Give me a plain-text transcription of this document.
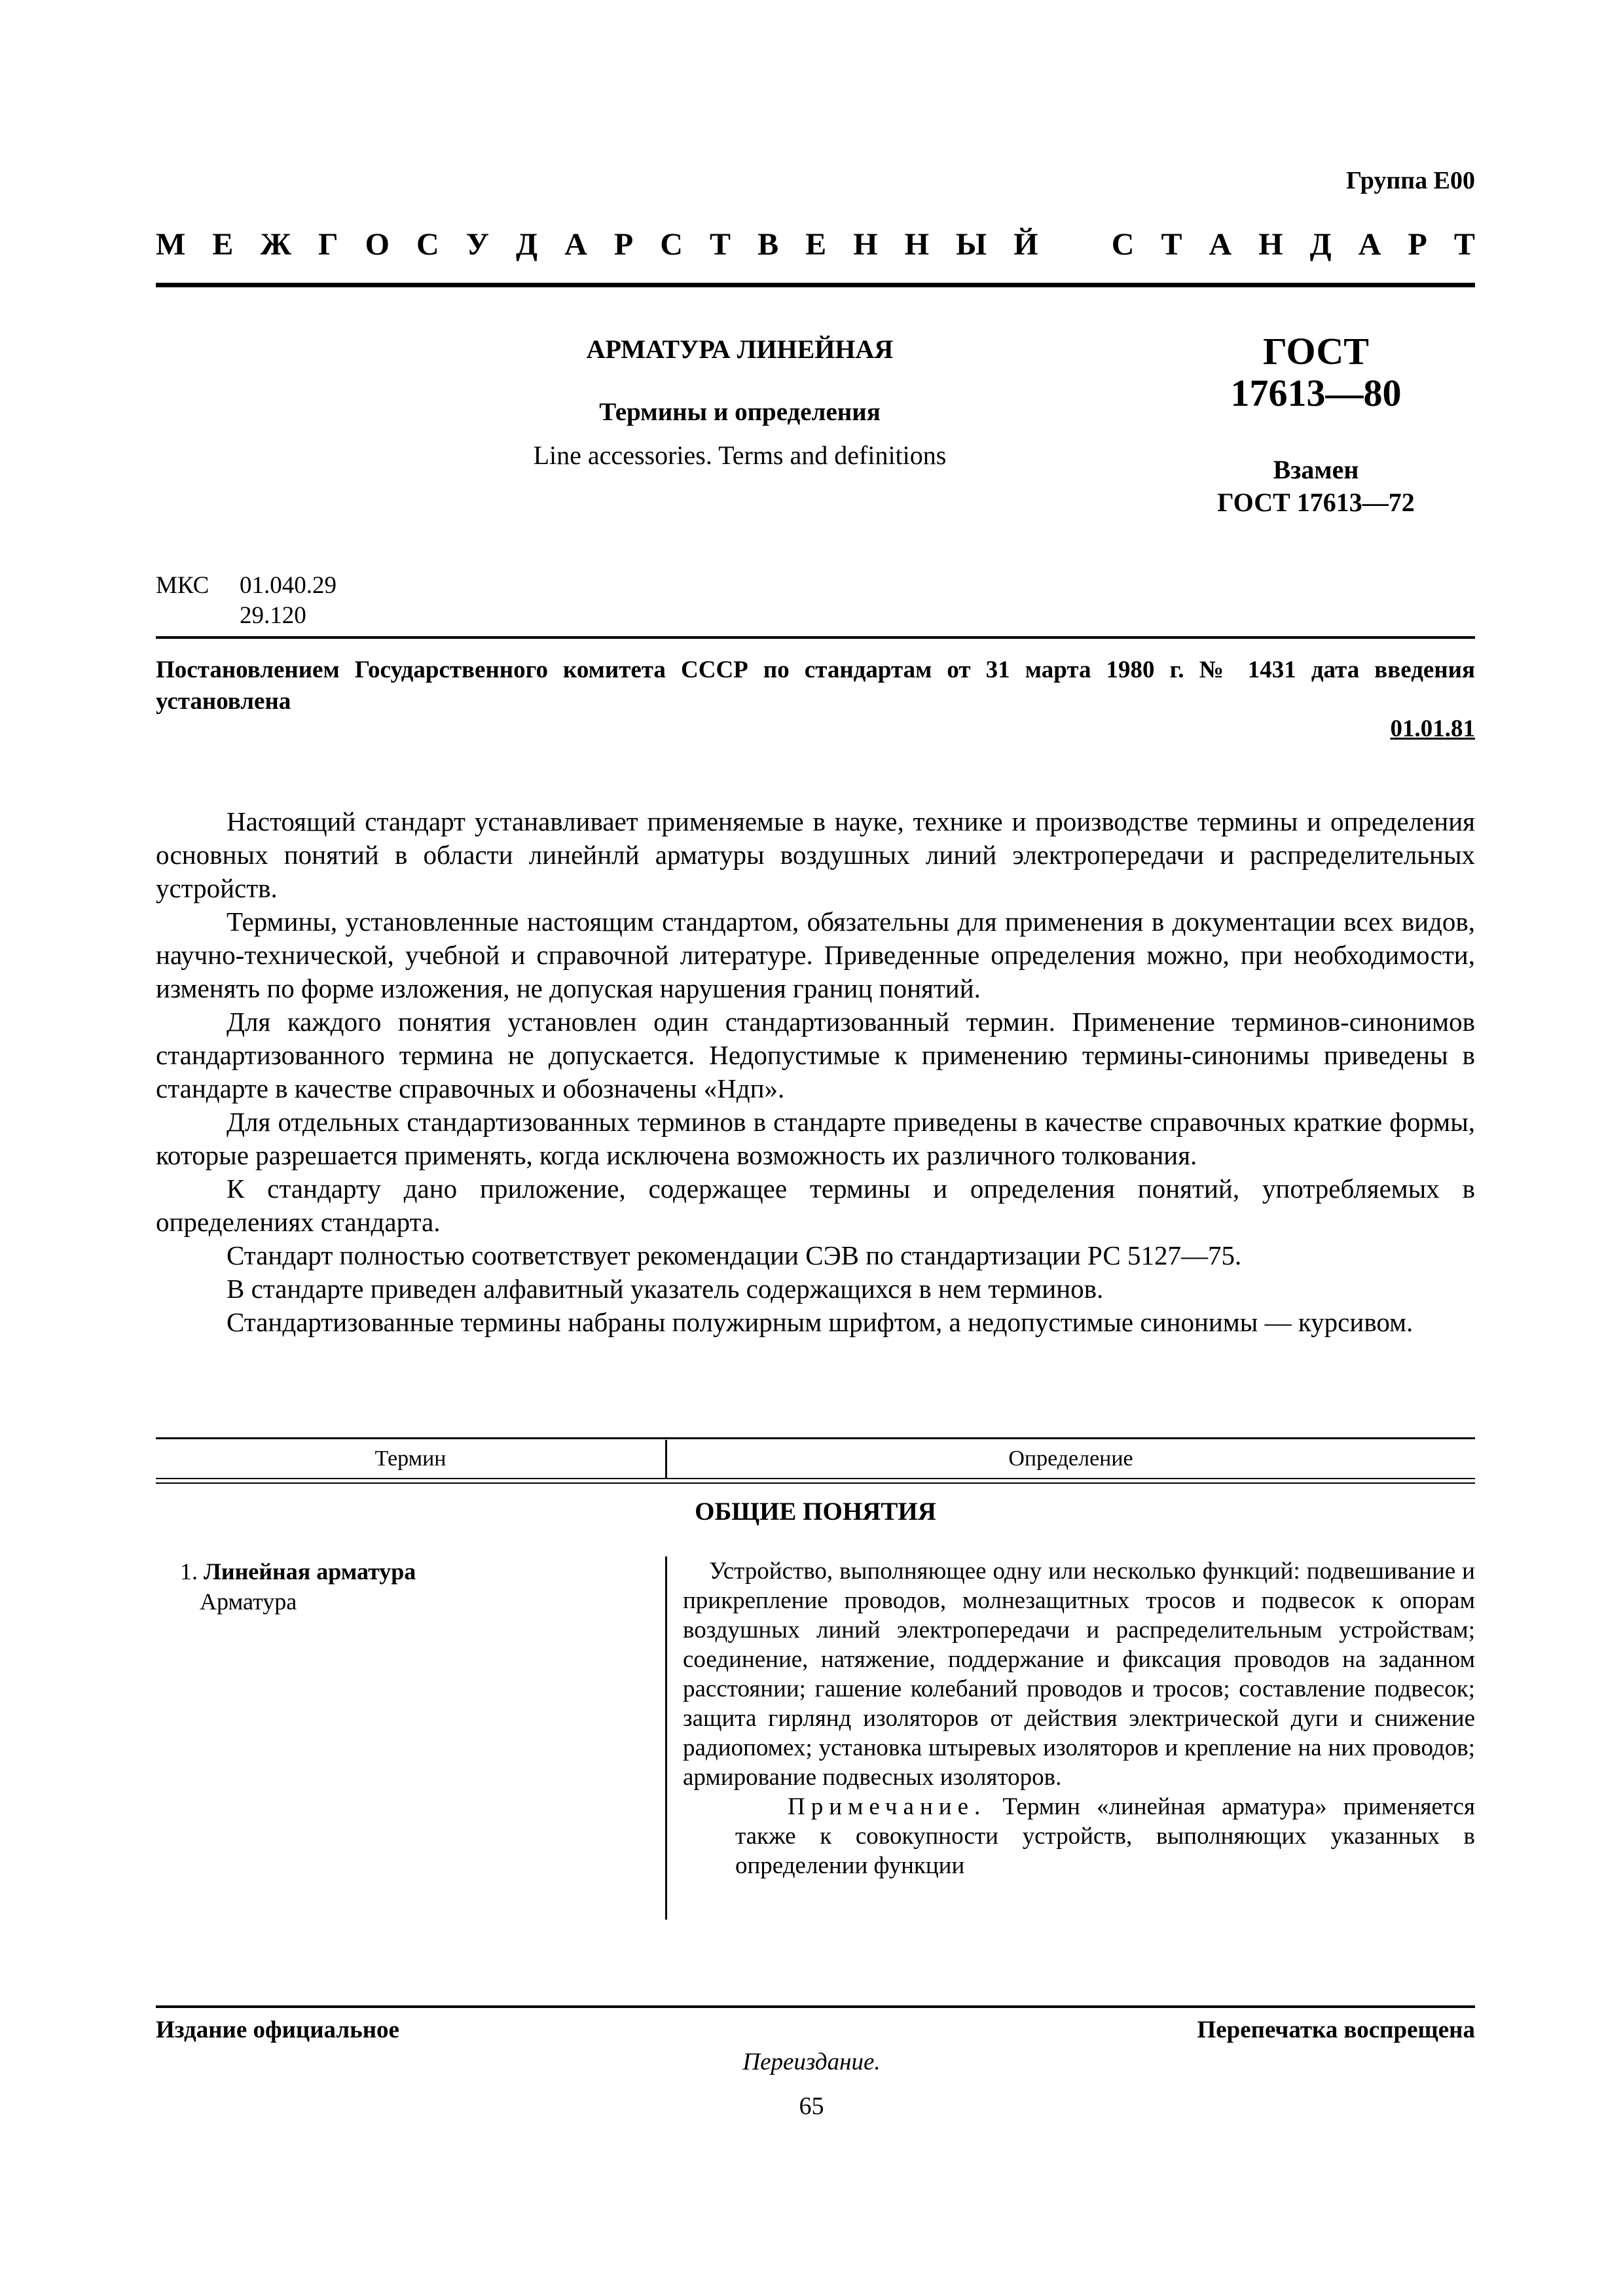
Группа Е00
М Е Ж Г О С У Д А Р С Т В Е Н Н Ы Й С Т А Н Д А Р Т

АРМАТУРА ЛИНЕЙНАЯ

Термины и определения

Line accessories. Terms and definitions

ГОСТ
17613—80
Взамен
ГОСТ 17613—72
МКС 01.040.29
29.120
Постановлением Государственного комитета СССР по стандартам от 31 марта 1980 г. № 1431 дата введения установлена
01.01.81

Настоящий стандарт устанавливает применяемые в науке, технике и производстве термины и определения основных понятий в области линейнлй арматуры воздушных линий электропередачи и распределительных устройств.

Термины, установленные настоящим стандартом, обязательны для применения в документации всех видов, научно-технической, учебной и справочной литературе. Приведенные определения можно, при необходимости, изменять по форме изложения, не допуская нарушения границ понятий.

Для каждого понятия установлен один стандартизованный термин. Применение терминов-синонимов стандартизованного термина не допускается. Недопустимые к применению термины-синонимы приведены в стандарте в качестве справочных и обозначены «Ндп».

Для отдельных стандартизованных терминов в стандарте приведены в качестве справочных краткие формы, которые разрешается применять, когда исключена возможность их различного толкования.

К стандарту дано приложение, содержащее термины и определения понятий, употребляемых в определениях стандарта.

Стандарт полностью соответствует рекомендации СЭВ по стандартизации РС 5127—75.

В стандарте приведен алфавитный указатель содержащихся в нем терминов.

Стандартизованные термины набраны полужирным шрифтом, а недопустимые синонимы — курсивом.

Термин	Определение
ОБЩИЕ ПОНЯТИЯ
1. Линейная арматура
Арматура

Устройство, выполняющее одну или несколько функций: подвешивание и прикрепление проводов, молнезащитных тросов и подвесок к опорам воздушных линий электропередачи и распределительным устройствам; соединение, натяжение, поддержание и фиксация проводов на заданном расстоянии; гашение колебаний проводов и тросов; составление подвесок; защита гирлянд изоляторов от действия электрической дуги и снижение радиопомех; установка штыревых изоляторов и крепление на них проводов; армирование подвесных изоляторов.

Примечание. Термин «линейная арматура» применяется также к совокупности устройств, выполняющих указанных в определении функции

Издание официальное	Перепечатка воспрещена
Переиздание.
65
